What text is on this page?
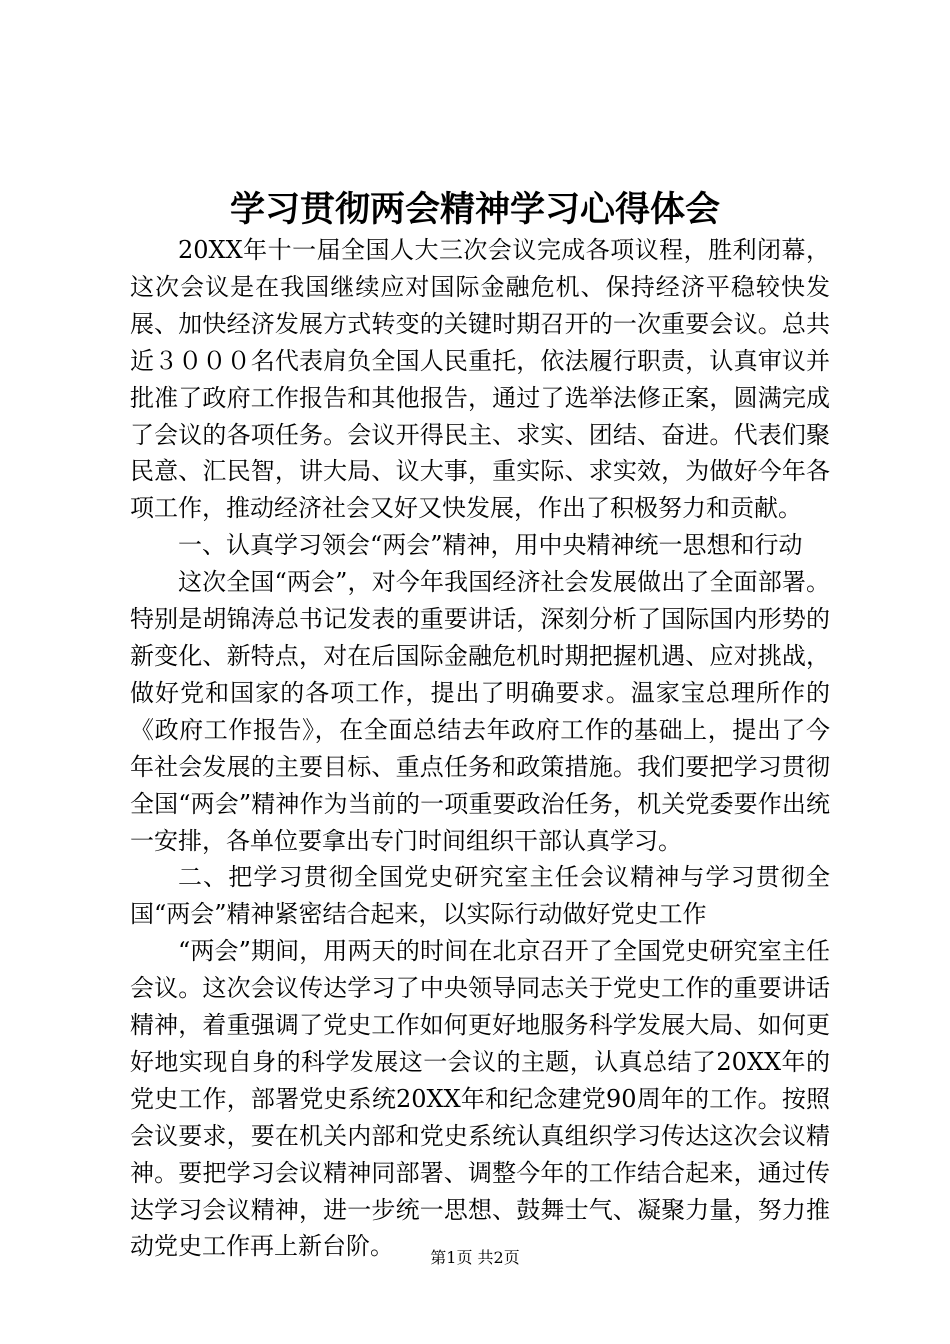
学习贯彻两会精神学习心得体会

20XX年十一届全国人大三次会议完成各项议程，胜利闭幕，这次会议是在我国继续应对国际金融危机、保持经济平稳较快发展、加快经济发展方式转变的关键时期召开的一次重要会议。总共近３０００名代表肩负全国人民重托，依法履行职责，认真审议并批准了政府工作报告和其他报告，通过了选举法修正案，圆满完成了会议的各项任务。会议开得民主、求实、团结、奋进。代表们聚民意、汇民智，讲大局、议大事，重实际、求实效，为做好今年各项工作，推动经济社会又好又快发展，作出了积极努力和贡献。

一、认真学习领会“两会”精神，用中央精神统一思想和行动

这次全国“两会”，对今年我国经济社会发展做出了全面部署。特别是胡锦涛总书记发表的重要讲话，深刻分析了国际国内形势的新变化、新特点，对在后国际金融危机时期把握机遇、应对挑战，做好党和国家的各项工作，提出了明确要求。温家宝总理所作的《政府工作报告》，在全面总结去年政府工作的基础上，提出了今年社会发展的主要目标、重点任务和政策措施。我们要把学习贯彻全国“两会”精神作为当前的一项重要政治任务，机关党委要作出统一安排，各单位要拿出专门时间组织干部认真学习。

二、把学习贯彻全国党史研究室主任会议精神与学习贯彻全国“两会”精神紧密结合起来，以实际行动做好党史工作

“两会”期间，用两天的时间在北京召开了全国党史研究室主任会议。这次会议传达学习了中央领导同志关于党史工作的重要讲话精神，着重强调了党史工作如何更好地服务科学发展大局、如何更好地实现自身的科学发展这一会议的主题，认真总结了20XX年的党史工作，部署党史系统20XX年和纪念建党90周年的工作。按照会议要求，要在机关内部和党史系统认真组织学习传达这次会议精神。要把学习会议精神同部署、调整今年的工作结合起来，通过传达学习会议精神，进一步统一思想、鼓舞士气、凝聚力量，努力推动党史工作再上新台阶。	第1页 共2页
